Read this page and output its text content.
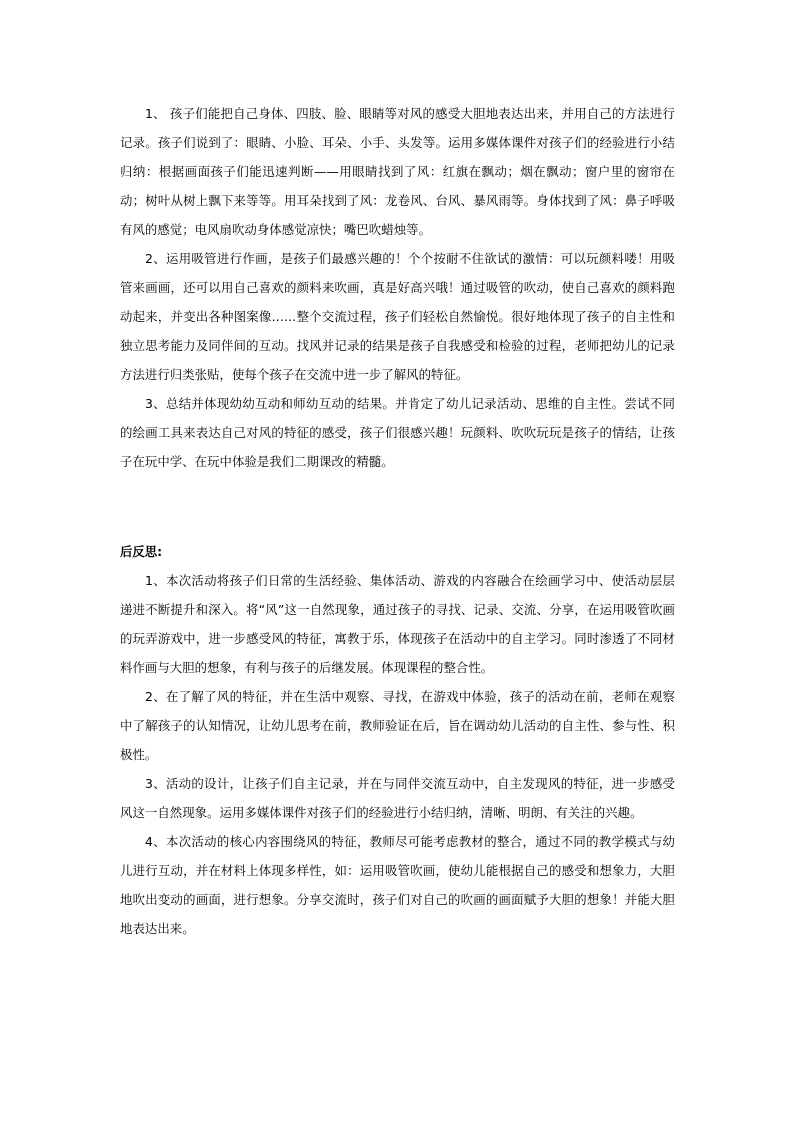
1、 孩子们能把自己身体、四肢、脸、眼睛等对风的感受大胆地表达出来，并用自己的方法进行记录。孩子们说到了：眼睛、小脸、耳朵、小手、头发等。运用多媒体课件对孩子们的经验进行小结归纳：根据画面孩子们能迅速判断——用眼睛找到了风：红旗在飘动；烟在飘动；窗户里的窗帘在动；树叶从树上飘下来等等。用耳朵找到了风：龙卷风、台风、暴风雨等。身体找到了风：鼻子呼吸有风的感觉；电风扇吹动身体感觉凉快；嘴巴吹蜡烛等。

2、运用吸管进行作画，是孩子们最感兴趣的！个个按耐不住欲试的激情：可以玩颜料喽！用吸管来画画，还可以用自己喜欢的颜料来吹画，真是好高兴哦！通过吸管的吹动，使自己喜欢的颜料跑动起来，并变出各种图案像……整个交流过程，孩子们轻松自然愉悦。很好地体现了孩子的自主性和独立思考能力及同伴间的互动。找风并记录的结果是孩子自我感受和检验的过程，老师把幼儿的记录方法进行归类张贴，使每个孩子在交流中进一步了解风的特征。

3、总结并体现幼幼互动和师幼互动的结果。并肯定了幼儿记录活动、思维的自主性。尝试不同的绘画工具来表达自己对风的特征的感受，孩子们很感兴趣！玩颜料、吹吹玩玩是孩子的情结，让孩子在玩中学、在玩中体验是我们二期课改的精髓。

后反思:

1、本次活动将孩子们日常的生活经验、集体活动、游戏的内容融合在绘画学习中、使活动层层递进不断提升和深入。将“风”这一自然现象，通过孩子的寻找、记录、交流、分享，在运用吸管吹画的玩弄游戏中，进一步感受风的特征，寓教于乐，体现孩子在活动中的自主学习。同时渗透了不同材料作画与大胆的想象，有利与孩子的后继发展。体现课程的整合性。

2、在了解了风的特征，并在生活中观察、寻找，在游戏中体验，孩子的活动在前，老师在观察中了解孩子的认知情况，让幼儿思考在前，教师验证在后，旨在调动幼儿活动的自主性、参与性、积极性。

3、活动的设计，让孩子们自主记录，并在与同伴交流互动中，自主发现风的特征，进一步感受风这一自然现象。运用多媒体课件对孩子们的经验进行小结归纳，清晰、明朗、有关注的兴趣。

4、本次活动的核心内容围绕风的特征，教师尽可能考虑教材的整合，通过不同的教学模式与幼儿进行互动，并在材料上体现多样性，如：运用吸管吹画，使幼儿能根据自己的感受和想象力，大胆地吹出变动的画面，进行想象。分享交流时，孩子们对自己的吹画的画面赋予大胆的想象！并能大胆地表达出来。
